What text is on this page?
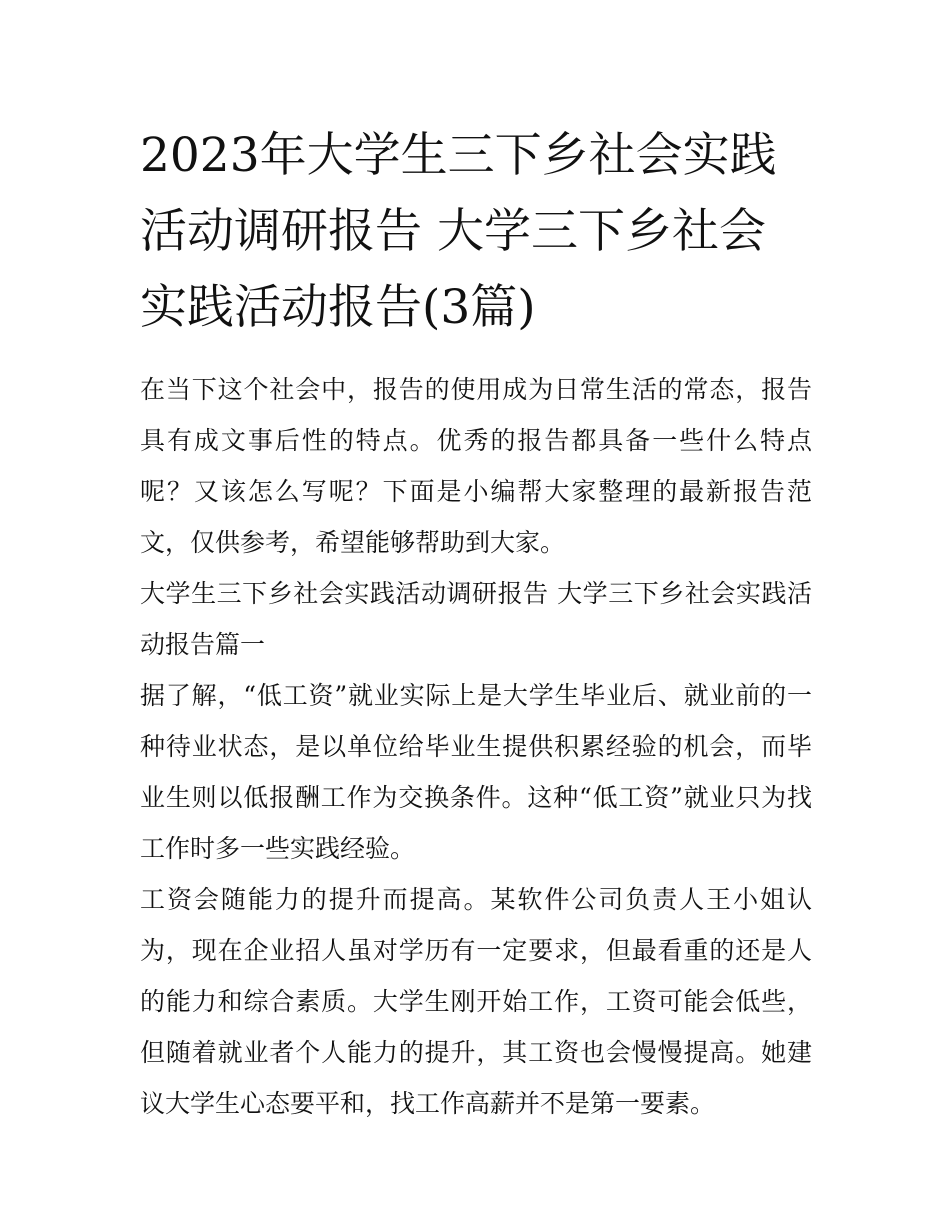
2023年大学生三下乡社会实践活动调研报告 大学三下乡社会实践活动报告(3篇)

在当下这个社会中，报告的使用成为日常生活的常态，报告具有成文事后性的特点。优秀的报告都具备一些什么特点呢？又该怎么写呢？下面是小编帮大家整理的最新报告范文，仅供参考，希望能够帮助到大家。

大学生三下乡社会实践活动调研报告 大学三下乡社会实践活动报告篇一

据了解，“低工资”就业实际上是大学生毕业后、就业前的一种待业状态，是以单位给毕业生提供积累经验的机会，而毕业生则以低报酬工作为交换条件。这种“低工资”就业只为找工作时多一些实践经验。

工资会随能力的提升而提高。某软件公司负责人王小姐认为，现在企业招人虽对学历有一定要求，但最看重的还是人的能力和综合素质。大学生刚开始工作，工资可能会低些，但随着就业者个人能力的提升，其工资也会慢慢提高。她建议大学生心态要平和，找工作高薪并不是第一要素。
